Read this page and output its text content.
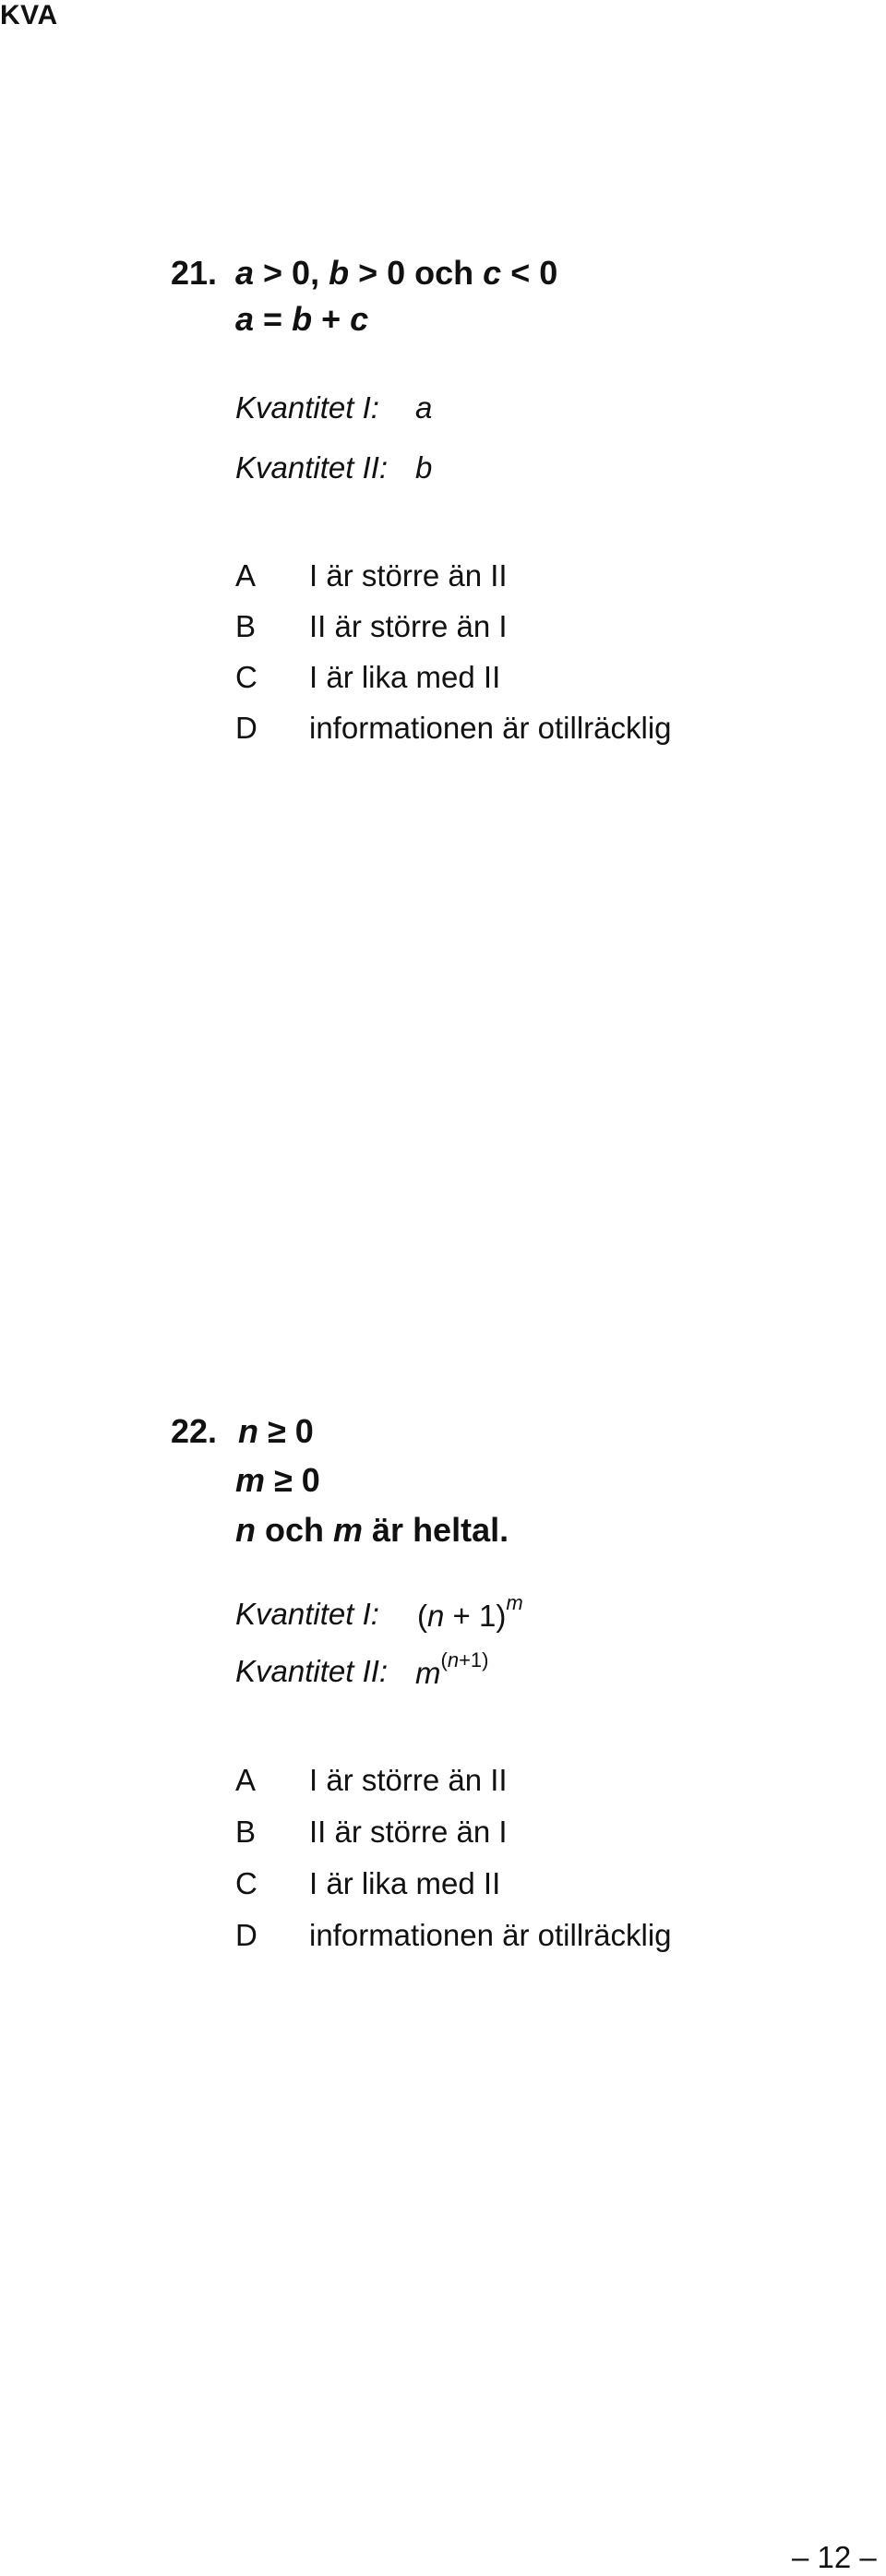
KVA
21. a > 0, b > 0 och c < 0
a = b + c
Kvantitet I: a
Kvantitet II: b
A I är större än II
B II är större än I
C I är lika med II
D informationen är otillräcklig
22. n ≥ 0
m ≥ 0
n och m är heltal.
Kvantitet I: $(n + 1)^m$
Kvantitet II: $m^{(n+1)}$
A I är större än II
B II är större än I
C I är lika med II
D informationen är otillräcklig
– 12 –
